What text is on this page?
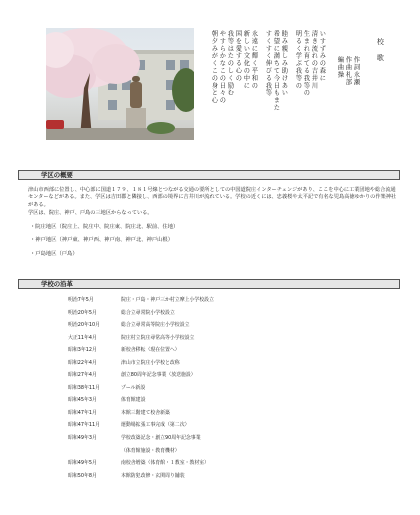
校歌
作詞永瀬
作曲札部
編曲操
いすずみの森に
清き流れの吉井川
生まれ育てる我等の
明るく学ぶ我等の
睦み親しみ助けあい
希望に満ちて今日もまた
すくすく伸びる我等
永遠に輝く平和の
新しい文化の中に
国を愛する心の
我等はたのしく励む
やすらかなこの日々の
朝夕みがくこの身と心
学区の概要
津山市西部に位置し、中心部に国道１７９、１８１号線とつながる交通の要所としての中国道院庄インターチェンジがあり、ここを中心に工業団地や総合流通センターなどがある。また、学区は吉田郡と隣接し、西部の境界に吉井川が流れている。学校の近くには、忠義桜や太平記で有名な児島高徳ゆかりの作楽神社がある。
学区は、院庄、神戸、戸島の三地区からなっている。
・院庄地区（院庄上、院庄中、院庄東、院庄北、駅前、住地）
・神戸地区（神戸東、神戸西、神戸南、神戸北、神戸山根）
・戸島地区（戸島）
学校の沿革
明治7年5月	院庄・戸島・神戸三か村立摩上小学校設立
明治20年5月	総合立尋常院小学校設立
明治20年10月	総合立尋常高等院庄小学校設立
大正11年4月	院庄村立院庄尋常高等小学校設立
昭和3年12月	新校舎移転（現在位置へ）
昭和22年4月	津山市立院庄小学校と改称
昭和27年4月	創立80周年記念事業（放送施設）
昭和38年11月	プール新設
昭和45年3月	体育館建設
昭和47年1月	本館三階建て校舎新築
昭和47年11月	運動場拡張工事完成（第二次）
昭和49年3月	学校改築記念・創立90周年記念事業
（体育館施設・教育機材）
昭和49年5月	南校舎増築（体育館・１教室・教材室）
昭和50年8月	本館防犯改修・玄関周り舗装
